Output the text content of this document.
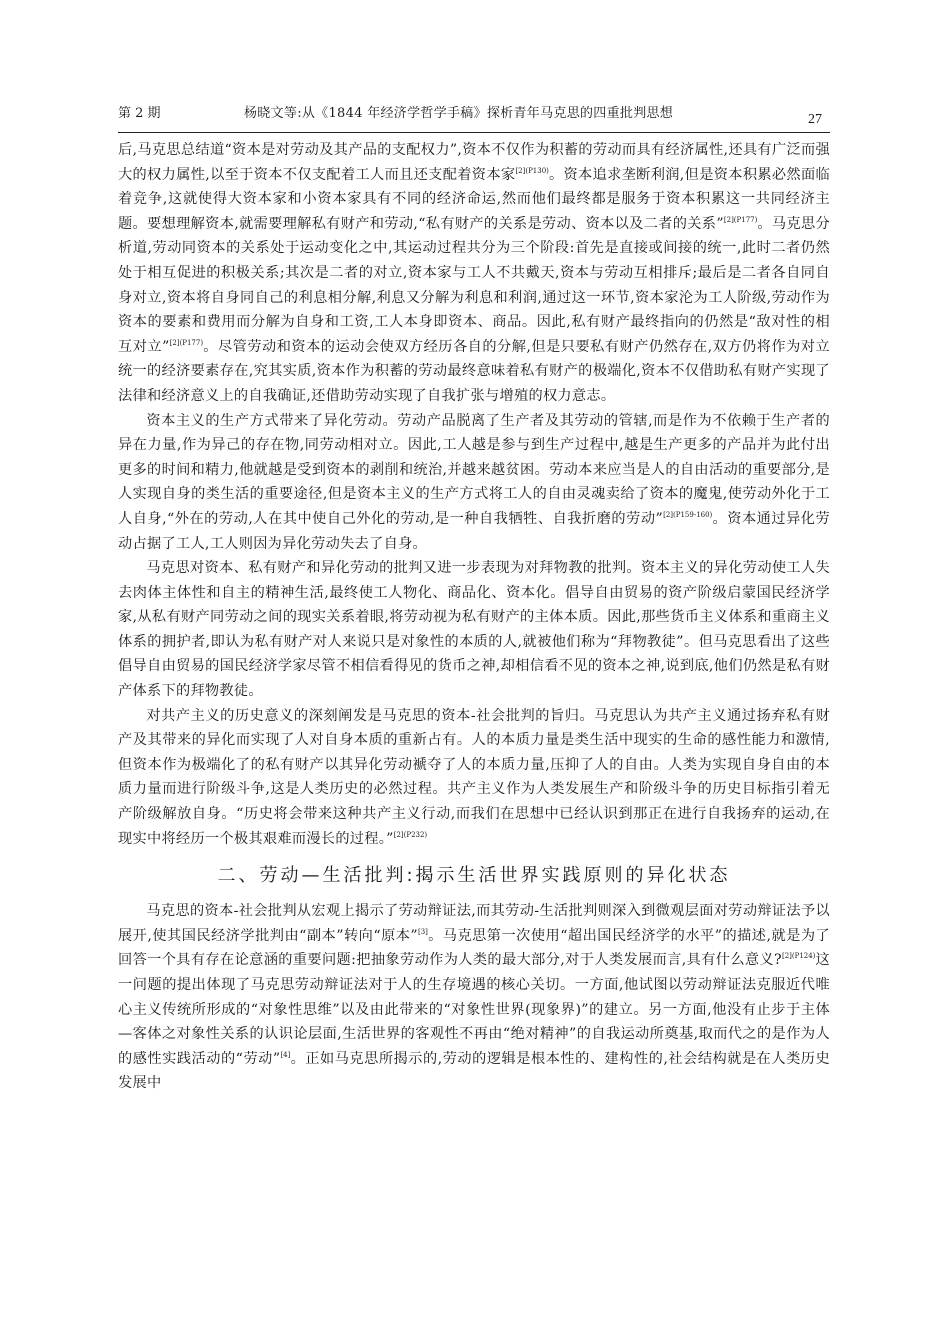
第 2 期	杨晓文等:从《1844 年经济学哲学手稿》探析青年马克思的四重批判思想	27

后,马克思总结道“资本是对劳动及其产品的支配权力”,资本不仅作为积蓄的劳动而具有经济属性,还具有广泛而强大的权力属性,以至于资本不仅支配着工人而且还支配着资本家$^{[2](P130)}$。资本追求垄断利润,但是资本积累必然面临着竞争,这就使得大资本家和小资本家具有不同的经济命运,然而他们最终都是服务于资本积累这一共同经济主题。要想理解资本,就需要理解私有财产和劳动,“私有财产的关系是劳动、资本以及二者的关系”$^{[2](P177)}$。马克思分析道,劳动同资本的关系处于运动变化之中,其运动过程共分为三个阶段:首先是直接或间接的统一,此时二者仍然处于相互促进的积极关系;其次是二者的对立,资本家与工人不共戴天,资本与劳动互相排斥;最后是二者各自同自身对立,资本将自身同自己的利息相分解,利息又分解为利息和利润,通过这一环节,资本家沦为工人阶级,劳动作为资本的要素和费用而分解为自身和工资,工人本身即资本、商品。因此,私有财产最终指向的仍然是“敌对性的相互对立”$^{[2](P177)}$。尽管劳动和资本的运动会使双方经历各自的分解,但是只要私有财产仍然存在,双方仍将作为对立统一的经济要素存在,究其实质,资本作为积蓄的劳动最终意味着私有财产的极端化,资本不仅借助私有财产实现了法律和经济意义上的自我确证,还借助劳动实现了自我扩张与增殖的权力意志。

资本主义的生产方式带来了异化劳动。劳动产品脱离了生产者及其劳动的管辖,而是作为不依赖于生产者的异在力量,作为异己的存在物,同劳动相对立。因此,工人越是参与到生产过程中,越是生产更多的产品并为此付出更多的时间和精力,他就越是受到资本的剥削和统治,并越来越贫困。劳动本来应当是人的自由活动的重要部分,是人实现自身的类生活的重要途径,但是资本主义的生产方式将工人的自由灵魂卖给了资本的魔鬼,使劳动外化于工人自身,“外在的劳动,人在其中使自己外化的劳动,是一种自我牺牲、自我折磨的劳动”$^{[2](P159-160)}$。资本通过异化劳动占据了工人,工人则因为异化劳动失去了自身。

马克思对资本、私有财产和异化劳动的批判又进一步表现为对拜物教的批判。资本主义的异化劳动使工人失去肉体主体性和自主的精神生活,最终使工人物化、商品化、资本化。倡导自由贸易的资产阶级启蒙国民经济学家,从私有财产同劳动之间的现实关系着眼,将劳动视为私有财产的主体本质。因此,那些货币主义体系和重商主义体系的拥护者,即认为私有财产对人来说只是对象性的本质的人,就被他们称为“拜物教徒”。但马克思看出了这些倡导自由贸易的国民经济学家尽管不相信看得见的货币之神,却相信看不见的资本之神,说到底,他们仍然是私有财产体系下的拜物教徒。

对共产主义的历史意义的深刻阐发是马克思的资本-社会批判的旨归。马克思认为共产主义通过扬弃私有财产及其带来的异化而实现了人对自身本质的重新占有。人的本质力量是类生活中现实的生命的感性能力和激情,但资本作为极端化了的私有财产以其异化劳动褫夺了人的本质力量,压抑了人的自由。人类为实现自身自由的本质力量而进行阶级斗争,这是人类历史的必然过程。共产主义作为人类发展生产和阶级斗争的历史目标指引着无产阶级解放自身。“历史将会带来这种共产主义行动,而我们在思想中已经认识到那正在进行自我扬弃的运动,在现实中将经历一个极其艰难而漫长的过程。”$^{[2](P232)}$

二、劳动—生活批判:揭示生活世界实践原则的异化状态

马克思的资本-社会批判从宏观上揭示了劳动辩证法,而其劳动-生活批判则深入到微观层面对劳动辩证法予以展开,使其国民经济学批判由“副本”转向“原本”[3]。马克思第一次使用“超出国民经济学的水平”的描述,就是为了回答一个具有存在论意涵的重要问题:把抽象劳动作为人类的最大部分,对于人类发展而言,具有什么意义?$^{[2](P124)}$这一问题的提出体现了马克思劳动辩证法对于人的生存境遇的核心关切。一方面,他试图以劳动辩证法克服近代唯心主义传统所形成的“对象性思维”以及由此带来的“对象性世界(现象界)”的建立。另一方面,他没有止步于主体—客体之对象性关系的认识论层面,生活世界的客观性不再由“绝对精神”的自我运动所奠基,取而代之的是作为人的感性实践活动的“劳动”[4]。正如马克思所揭示的,劳动的逻辑是根本性的、建构性的,社会结构就是在人类历史发展中
